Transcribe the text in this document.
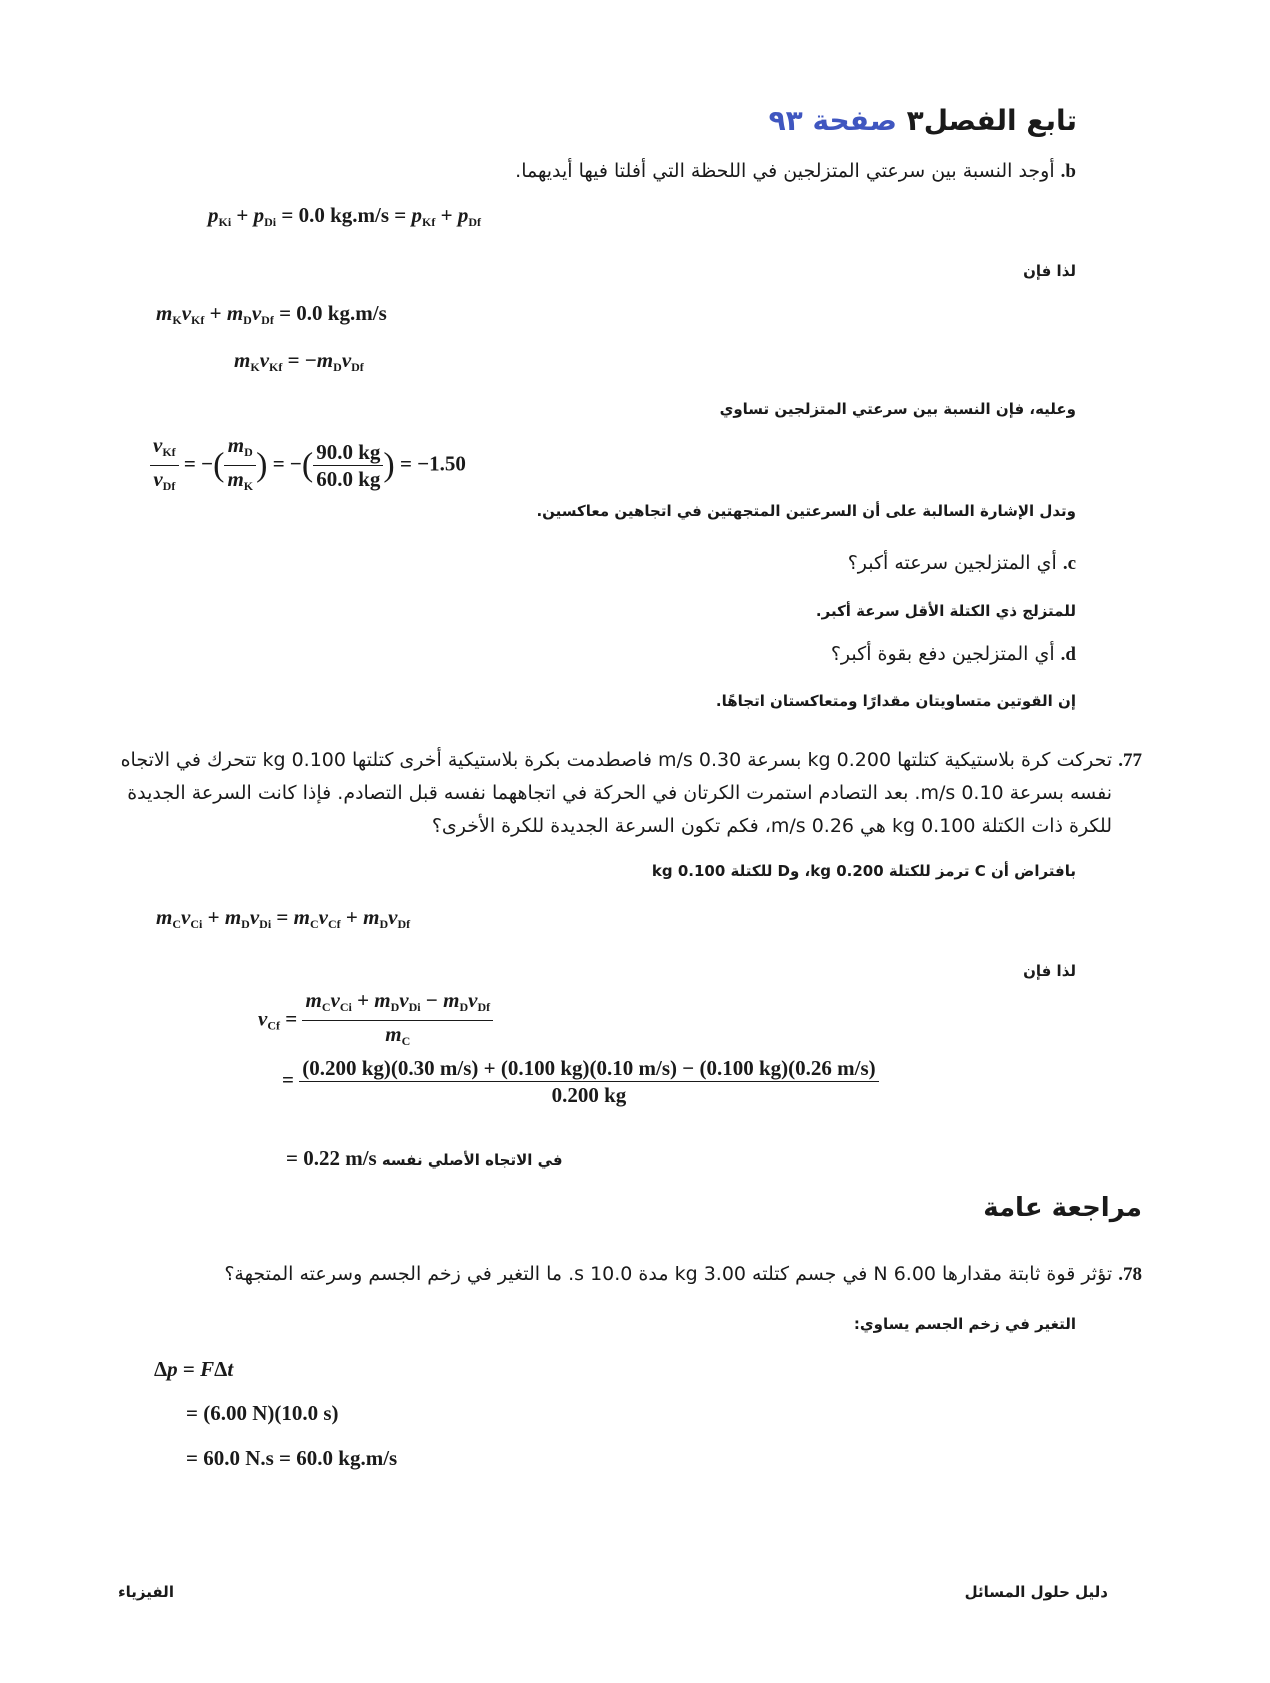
تابع الفصل٣ صفحة ٩٣
b. أوجد النسبة بين سرعتي المتزلجين في اللحظة التي أفلتا فيها أيديهما.
$p_{Ki} + p_{Di} = 0.0$ $kg.m/s = p_{Kf} + p_{Df}$
لذا فإن
$m_Kv_{Kf} + m_Dv_{Df} = 0.0$ kg.m/s
$m_Kv_{Kf} = -m_Dv_{Df}$
وعليه، فإن النسبة بين سرعتي المتزلجين تساوي
$\frac{v_{Kf}}{v_{Df}}$ = −( $\frac{m_D}{m_K}$ ) = −( $\frac{90.0 kg}{60.0 kg}$ ) = −1.50
وتدل الإشارة السالبة على أن السرعتين المتجهتين في اتجاهين معاكسين.
c. أي المتزلجين سرعته أكبر؟
للمتزلج ذي الكتلة الأقل سرعة أكبر.
d. أي المتزلجين دفع بقوة أكبر؟
إن القوتين متساويتان مقدارًا ومتعاكستان اتجاهًا.
77. تحركت كرة بلاستيكية كتلتها 0.200 kg بسرعة 0.30 m/s فاصطدمت بكرة بلاستيكية أخرى كتلتها 0.100 kg تتحرك في الاتجاه
نفسه بسرعة 0.10 m/s. بعد التصادم استمرت الكرتان في الحركة في اتجاههما نفسه قبل التصادم. فإذا كانت السرعة الجديدة
للكرة ذات الكتلة 0.100 kg هي 0.26 m/s، فكم تكون السرعة الجديدة للكرة الأخرى؟
بافتراض أن C ترمز للكتلة 0.200 kg، وD للكتلة 0.100 kg
$m_Cv_{Ci} + m_Dv_{Di} = m_Cv_{Cf} + m_Dv_{Df}$
لذا فإن
$v_{Cf} = \frac{m_Cv_{Ci} + m_Dv_{Di} - m_Dv_{Df}}{m_C}$
= (0.200 kg)(0.30 m/s) + (0.100 kg)(0.10 m/s) − (0.100 kg)(0.26 m/s)
0.200 kg
= 0.22 m/s في الاتجاه الأصلي نفسه
مراجعة عامة
78. تؤثر قوة ثابتة مقدارها 6.00 N في جسم كتلته 3.00 kg مدة 10.0 s. ما التغير في زخم الجسم وسرعته المتجهة؟
التغير في زخم الجسم يساوي:
Δp = FΔt
= (6.00 N)(10.0 s)
= 60.0 N.s = 60.0 kg.m/s
دليل حلول المسائل
الفيزياء
